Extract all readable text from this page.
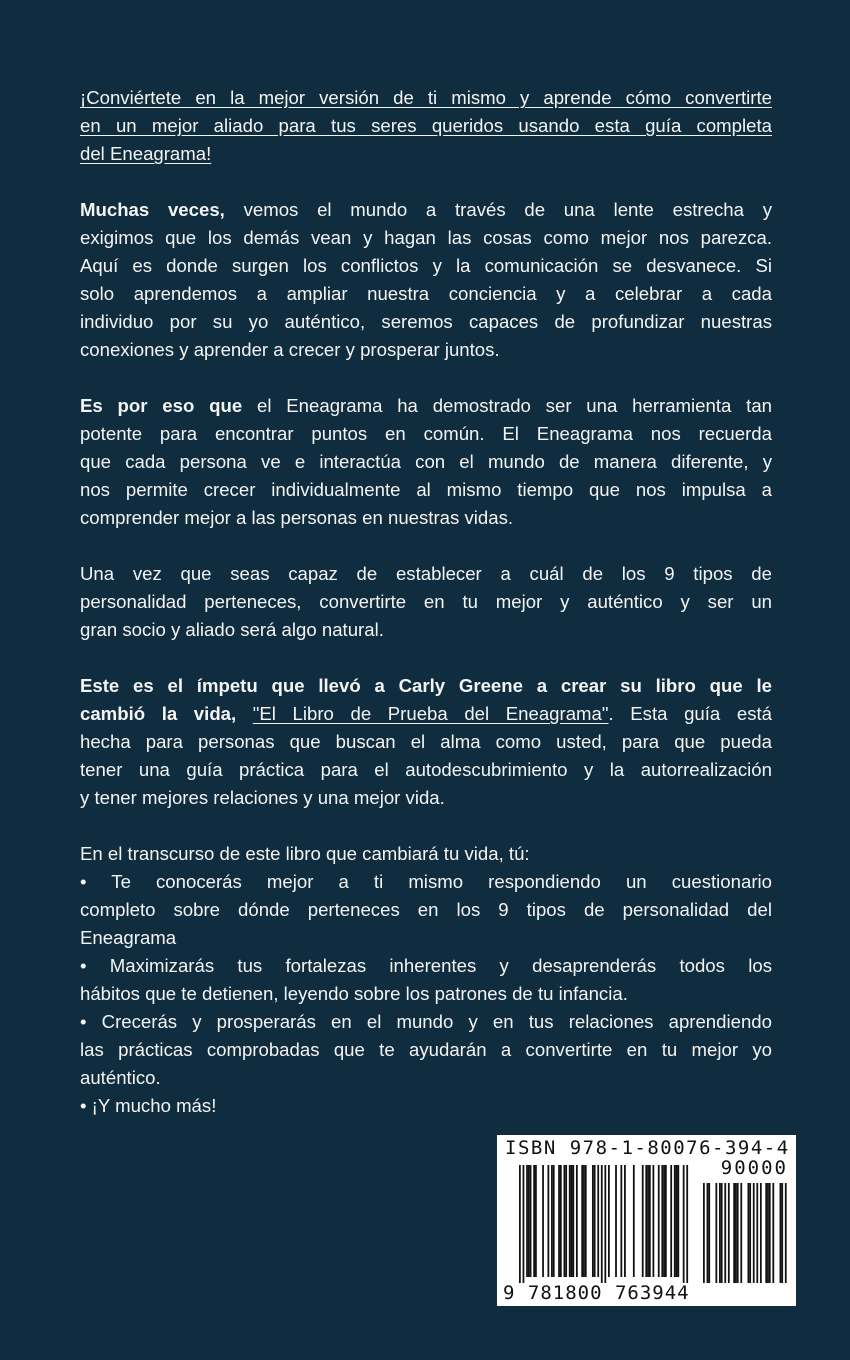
¡Conviértete en la mejor versión de ti mismo y aprende cómo convertirte
en un mejor aliado para tus seres queridos usando esta guía completa
del Eneagrama!
Muchas veces, vemos el mundo a través de una lente estrecha y
exigimos que los demás vean y hagan las cosas como mejor nos parezca.
Aquí es donde surgen los conflictos y la comunicación se desvanece. Si
solo aprendemos a ampliar nuestra conciencia y a celebrar a cada
individuo por su yo auténtico, seremos capaces de profundizar nuestras
conexiones y aprender a crecer y prosperar juntos.
Es por eso que el Eneagrama ha demostrado ser una herramienta tan
potente para encontrar puntos en común. El Eneagrama nos recuerda
que cada persona ve e interactúa con el mundo de manera diferente, y
nos permite crecer individualmente al mismo tiempo que nos impulsa a
comprender mejor a las personas en nuestras vidas.
Una vez que seas capaz de establecer a cuál de los 9 tipos de
personalidad perteneces, convertirte en tu mejor y auténtico y ser un
gran socio y aliado será algo natural.
Este es el ímpetu que llevó a Carly Greene a crear su libro que le
cambió la vida, "El Libro de Prueba del Eneagrama". Esta guía está
hecha para personas que buscan el alma como usted, para que pueda
tener una guía práctica para el autodescubrimiento y la autorrealización
y tener mejores relaciones y una mejor vida.
En el transcurso de este libro que cambiará tu vida, tú:
• Te conocerás mejor a ti mismo respondiendo un cuestionario
completo sobre dónde perteneces en los 9 tipos de personalidad del
Eneagrama
• Maximizarás tus fortalezas inherentes y desaprenderás todos los
hábitos que te detienen, leyendo sobre los patrones de tu infancia.
• Crecerás y prosperarás en el mundo y en tus relaciones aprendiendo
las prácticas comprobadas que te ayudarán a convertirte en tu mejor yo
auténtico.
• ¡Y mucho más!
ISBN 978-1-80076-394-4
90000
9 781800 763944
